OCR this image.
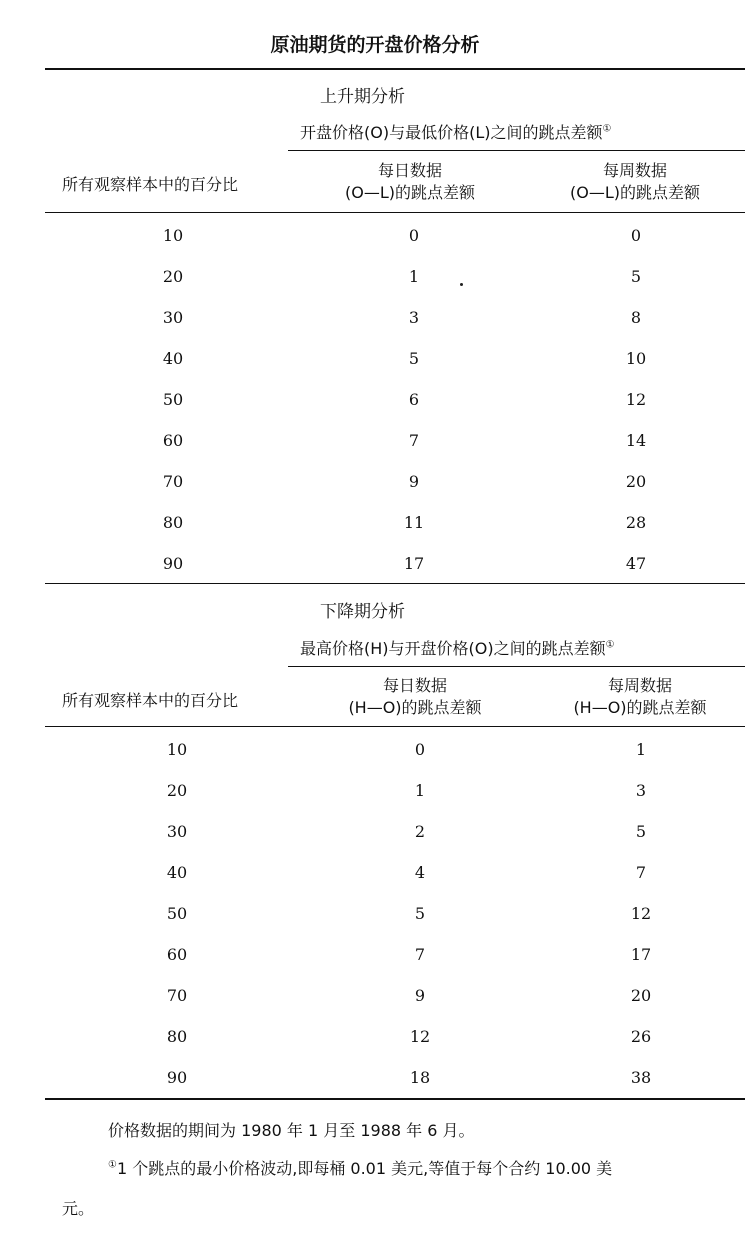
原油期货的开盘价格分析
上升期分析
开盘价格(O)与最低价格(L)之间的跳点差额①
所有观察样本中的百分比
每日数据
(O—L)的跳点差额
每周数据
(O—L)的跳点差额
10	0	0
20	1	5
30	3	8
40	5	10
50	6	12
60	7	14
70	9	20
80	11	28
90	17	47
下降期分析
最高价格(H)与开盘价格(O)之间的跳点差额①
所有观察样本中的百分比
每日数据
(H—O)的跳点差额
每周数据
(H—O)的跳点差额
10	0	1
20	1	3
30	2	5
40	4	7
50	5	12
60	7	17
70	9	20
80	12	26
90	18	38
价格数据的期间为 1980 年 1 月至 1988 年 6 月。
①1 个跳点的最小价格波动,即每桶 0.01 美元,等值于每个合约 10.00 美
元。
